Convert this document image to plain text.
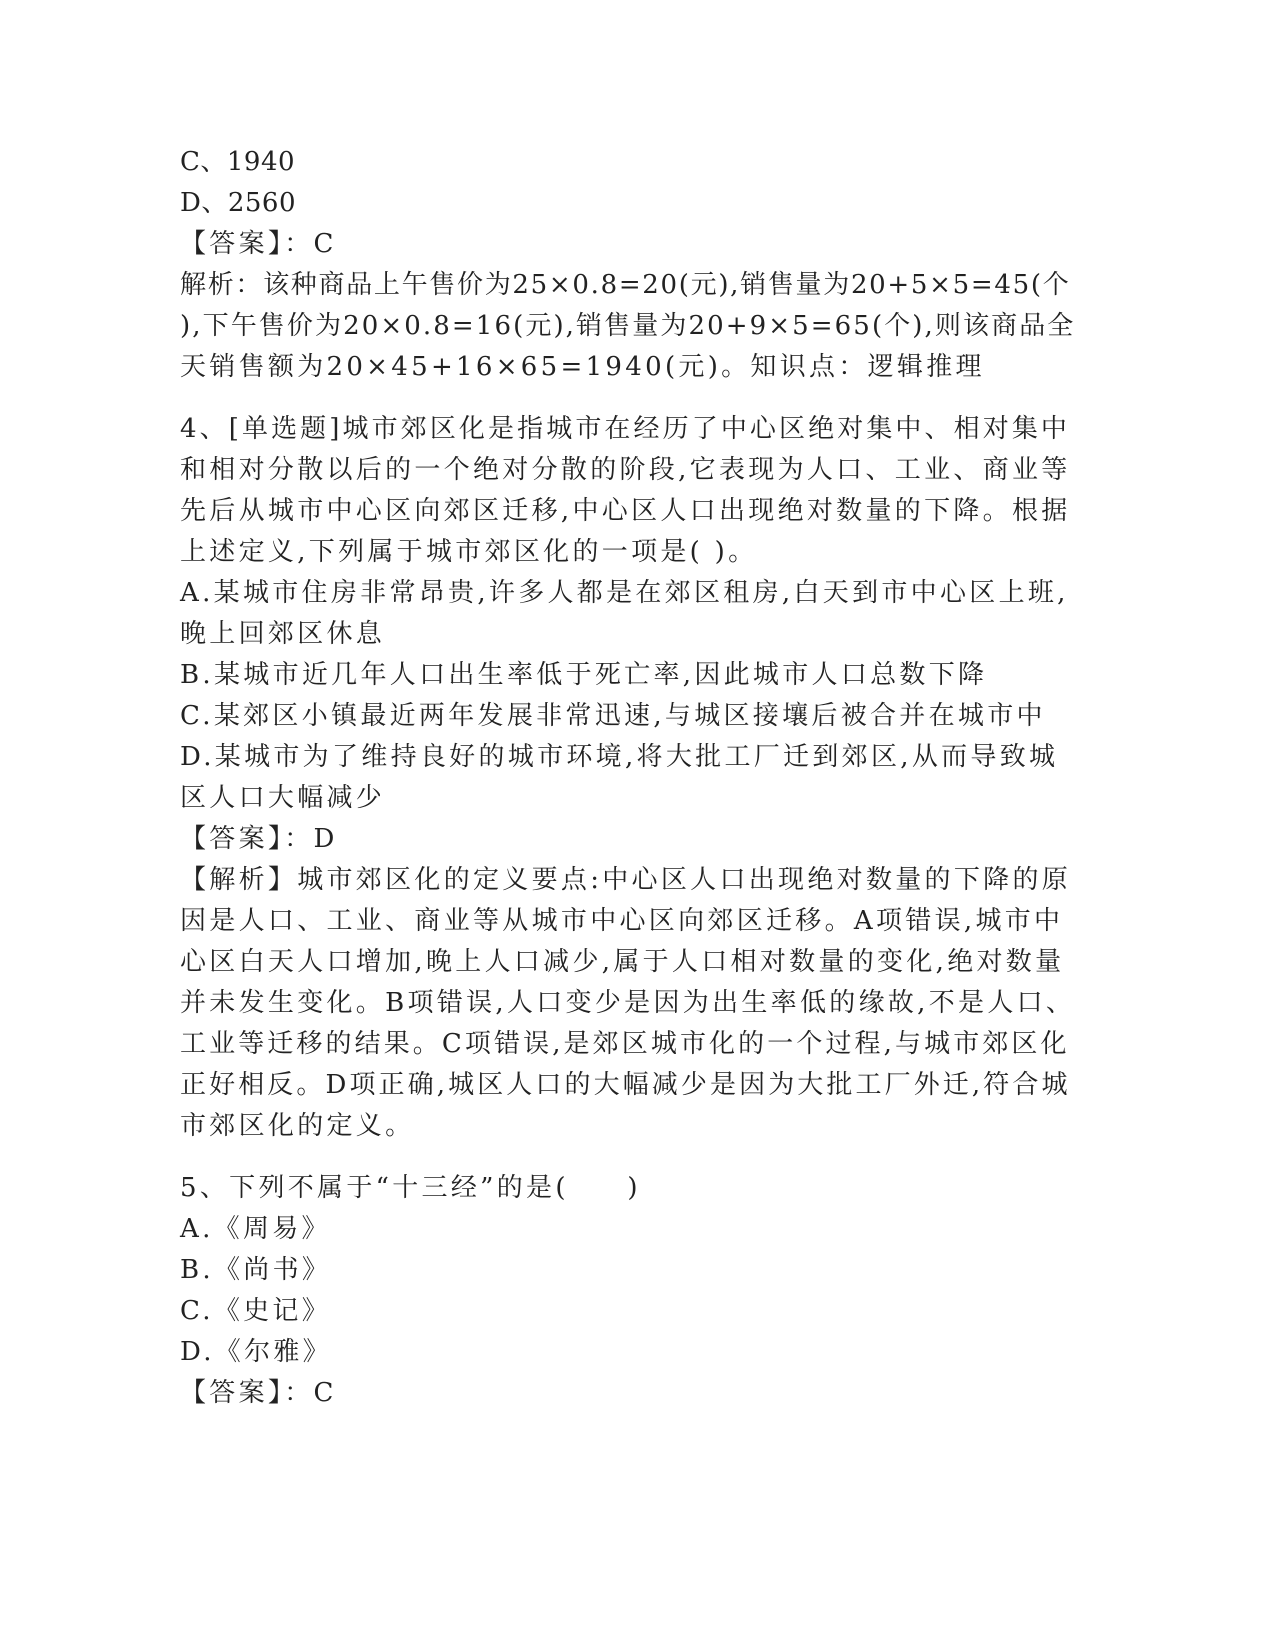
C、1940
D、2560
【答案】：C
解析：该种商品上午售价为25×0.8=20(元),销售量为20+5×5=45(个
),下午售价为20×0.8=16(元),销售量为20+9×5=65(个),则该商品全
天销售额为20×45+16×65=1940(元)。知识点：逻辑推理
4、[单选题]城市郊区化是指城市在经历了中心区绝对集中、相对集中
和相对分散以后的一个绝对分散的阶段,它表现为人口、工业、商业等
先后从城市中心区向郊区迁移,中心区人口出现绝对数量的下降。根据
上述定义,下列属于城市郊区化的一项是( )。
A.某城市住房非常昂贵,许多人都是在郊区租房,白天到市中心区上班,
晚上回郊区休息
B.某城市近几年人口出生率低于死亡率,因此城市人口总数下降
C.某郊区小镇最近两年发展非常迅速,与城区接壤后被合并在城市中
D.某城市为了维持良好的城市环境,将大批工厂迁到郊区,从而导致城
区人口大幅减少
【答案】：D
【解析】城市郊区化的定义要点:中心区人口出现绝对数量的下降的原
因是人口、工业、商业等从城市中心区向郊区迁移。A项错误,城市中
心区白天人口增加,晚上人口减少,属于人口相对数量的变化,绝对数量
并未发生变化。B项错误,人口变少是因为出生率低的缘故,不是人口、
工业等迁移的结果。C项错误,是郊区城市化的一个过程,与城市郊区化
正好相反。D项正确,城区人口的大幅减少是因为大批工厂外迁,符合城
市郊区化的定义。
5、下列不属于“十三经”的是(　　)
A.《周易》
B.《尚书》
C.《史记》
D.《尔雅》
【答案】：C
